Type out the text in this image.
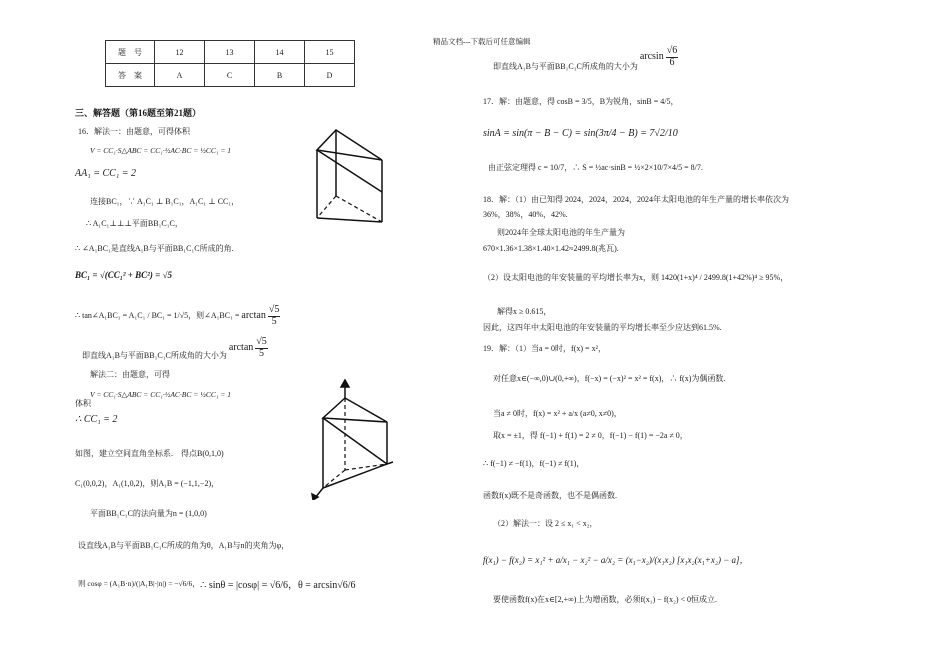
精品文档---下载后可任意编辑
题　号	12	13	14	15
答　案	A	C	B	D
三、解答题（第16题至第21题）
16．解法一：由题意，可得体积
V = CC₁·S△ABC = CC₁·½AC·BC = ½CC₁ = 1
AA₁ = CC₁ = 2
连接BC₁，∵ A₁C₁ ⊥ B₁C₁，A₁C₁ ⊥ CC₁，
∴ A₁C₁⊥⊥⊥平面BB₁C₁C，
∴ ∠A₁BC₁是直线A₁B与平面BB₁C₁C所成的角.
BC₁ = √(CC₁² + BC²) = √5
∴ tan∠A₁BC₁ = A₁C₁ / BC₁ = 1/√5，则∠A₁BC₁ = $\arctan \frac{√5}{5}$
即直线A₁B与平面BB₁C₁C所成角的大小为 $\arctan \frac{√5}{5}$
解法二：由题意，可得
体积
V = CC₁·S△ABC = CC₁·½AC·BC = ½CC₁ = 1
∴ CC₁ = 2
如图，建立空间直角坐标系.　得点B(0,1,0)
C₁(0,0,2)，A₁(1,0,2)，则A₁B = (−1,1,−2)，
平面BB₁C₁C的法向量为n = (1,0,0)
设直线A₁B与平面BB₁C₁C所成的角为θ，A₁B与n的夹角为φ，
则 cosφ = (A₁B·n)/(|A₁B|·|n|) = −√6/6， ∴ sinθ = |cosφ| = √6/6，θ = arcsin√6/6
即直线A₁B与平面BB₁C₁C所成角的大小为 $\arcsin \frac{√6}{6}$
17．解：由题意，得 cosB = 3/5，B为锐角，sinB = 4/5，
sinA = sin(π − B − C) = sin(3π/4 − B) = 7√2/10
由正弦定理得 c = 10/7，∴ S = ½ac·sinB = ½×2×10/7×4/5 = 8/7.
18．解：（1）由已知得 2024，2024，2024，2024年太阳电池的年生产量的增长率依次为
36%，38%，40%，42%.
则2024年全球太阳电池的年生产量为
670×1.36×1.38×1.40×1.42≈2499.8(兆瓦).
（2）设太阳电池的年安装量的平均增长率为x，则 1420(1+x)⁴ / 2499.8(1+42%)⁴ ≥ 95%，
解得x ≥ 0.615，
因此，这四年中太阳电池的年安装量的平均增长率至少应达到61.5%.
19．解：（1）当a = 0时，f(x) = x²，
对任意x∈(−∞,0)∪(0,+∞)，f(−x) = (−x)² = x² = f(x)，∴ f(x)为偶函数.
当a ≠ 0时，f(x) = x² + a/x (a≠0, x≠0)，
取x = ±1，得 f(−1) + f(1) = 2 ≠ 0，f(−1) − f(1) = −2a ≠ 0，
∴ f(−1) ≠ −f(1)，f(−1) ≠ f(1)，
函数f(x)既不是奇函数，也不是偶函数.
（2）解法一：设 2 ≤ x₁ < x₂，
f(x₁) − f(x₂) = x₁² + a/x₁ − x₂² − a/x₂ = (x₁−x₂)/(x₁x₂) [x₁x₂(x₁+x₂) − a]，
要使函数f(x)在x∈[2,+∞)上为增函数，必须f(x₁) − f(x₂) < 0恒成立.
